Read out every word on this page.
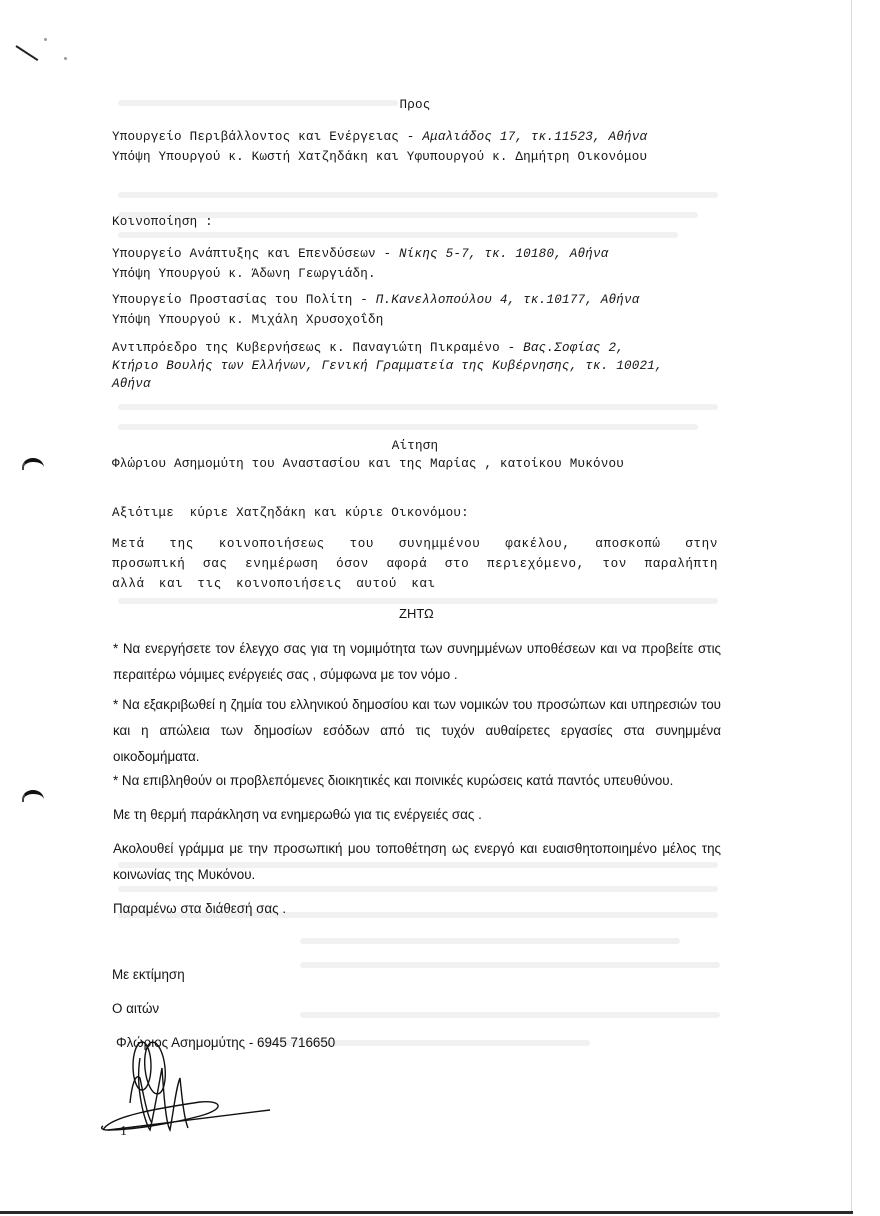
Προς
Υπουργείο Περιβάλλοντος και Ενέργειας - Αμαλιάδος 17, τκ.11523, Αθήνα
Υπόψη Υπουργού κ. Κωστή Χατζηδάκη και Υφυπουργού κ. Δημήτρη Οικονόμου
Κοινοποίηση :
Υπουργείο Ανάπτυξης και Επενδύσεων - Νίκης 5-7, τκ. 10180, Αθήνα
Υπόψη Υπουργού κ. Άδωνη Γεωργιάδη.
Υπουργείο Προστασίας του Πολίτη - Π.Κανελλοπούλου 4, τκ.10177, Αθήνα
Υπόψη Υπουργού κ. Μιχάλη Χρυσοχοΐδη
Αντιπρόεδρο της Κυβερνήσεως κ. Παναγιώτη Πικραμένο - Βας.Σοφίας 2,
Κτήριο Βουλής των Ελλήνων, Γενική Γραμματεία της Κυβέρνησης, τκ. 10021,
Αθήνα
Αίτηση
Φλώριου Ασημομύτη του Αναστασίου και της Μαρίας , κατοίκου Μυκόνου
Αξιότιμε  κύριε Χατζηδάκη και κύριε Οικονόμου:
Μετά της κοινοποιήσεως του συνημμένου φακέλου, αποσκοπώ στην προσωπική σας ενημέρωση όσον αφορά στο περιεχόμενο, τον παραλήπτη αλλά και τις κοινοποιήσεις αυτού και
ΖΗΤΩ
* Να ενεργήσετε τον έλεγχο σας για τη νομιμότητα των συνημμένων υποθέσεων και να προβείτε στις περαιτέρω νόμιμες ενέργειές σας , σύμφωνα με τον νόμο .
* Να εξακριβωθεί η ζημία του ελληνικού δημοσίου και των νομικών του προσώπων και υπηρεσιών του και η απώλεια των δημοσίων εσόδων από τις τυχόν αυθαίρετες εργασίες στα συνημμένα οικοδομήματα.
* Να επιβληθούν οι προβλεπόμενες διοικητικές και ποινικές κυρώσεις κατά παντός υπευθύνου.
Με τη θερμή παράκληση να ενημερωθώ για τις ενέργειές σας .
Ακολουθεί γράμμα με την προσωπική μου τοποθέτηση ως ενεργό και ευαισθητοποιημένο μέλος της κοινωνίας της Μυκόνου.
Παραμένω στα διάθεσή σας .
Με εκτίμηση
Ο αιτών
Φλώριος Ασημομύτης - 6945 716650
1
